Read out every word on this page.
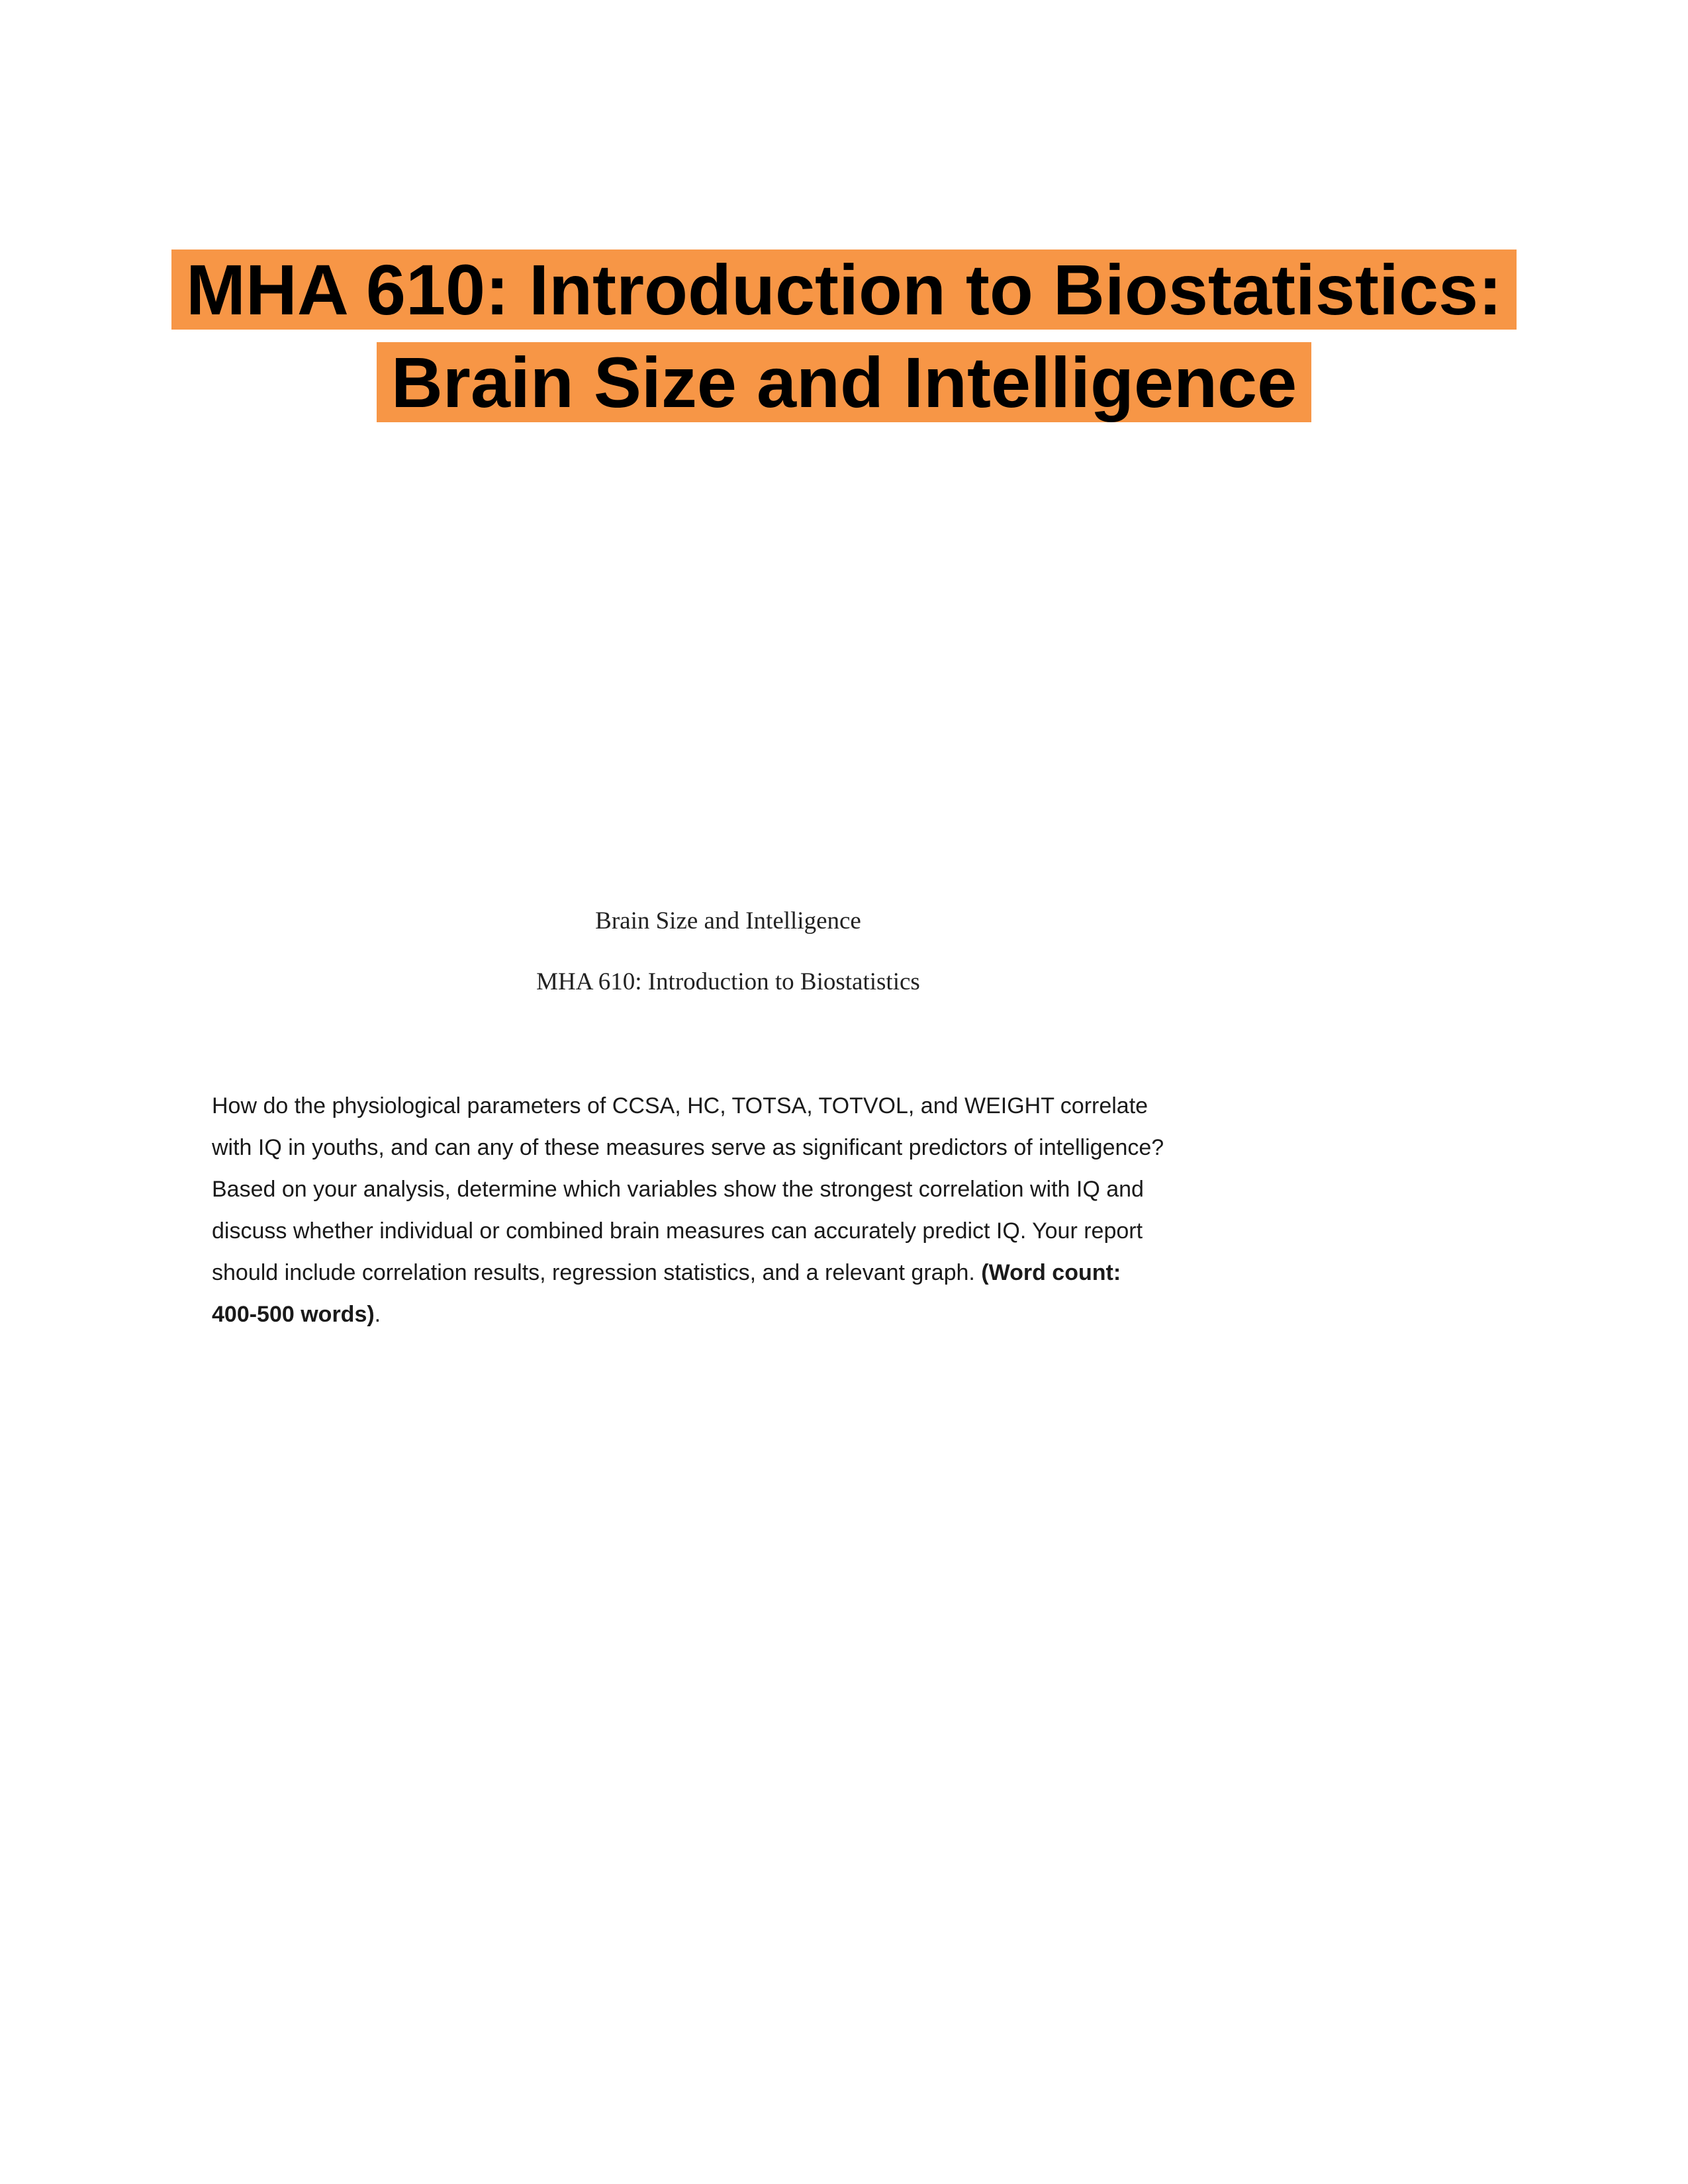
MHA 610: Introduction to Biostatistics:
Brain Size and Intelligence

Brain Size and Intelligence

MHA 610: Introduction to Biostatistics

How do the physiological parameters of CCSA, HC, TOTSA, TOTVOL, and WEIGHT correlate
with IQ in youths, and can any of these measures serve as significant predictors of intelligence?
Based on your analysis, determine which variables show the strongest correlation with IQ and
discuss whether individual or combined brain measures can accurately predict IQ. Your report
should include correlation results, regression statistics, and a relevant graph. (Word count:
400-500 words).
